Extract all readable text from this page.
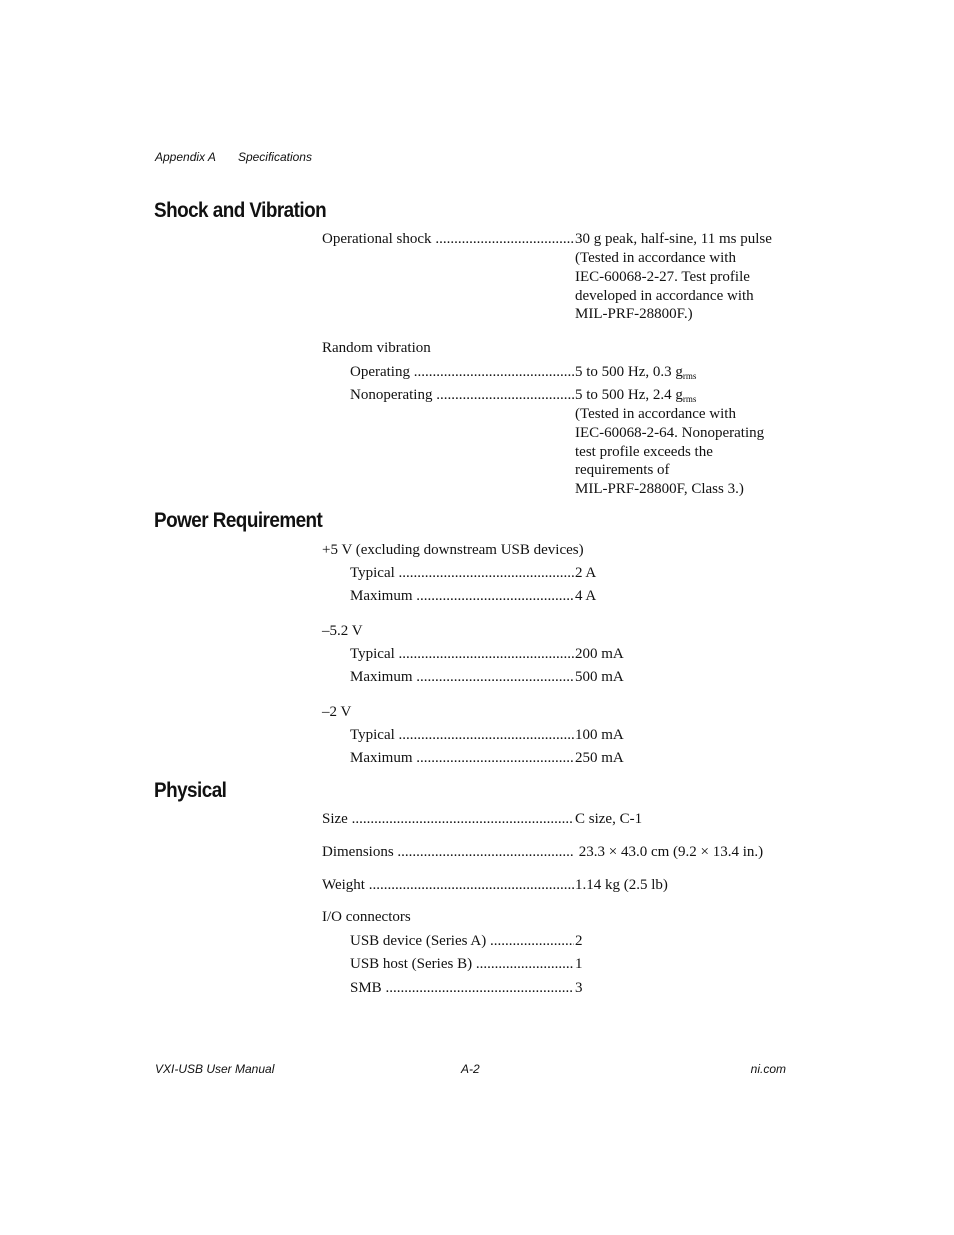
Appendix A Specifications
Shock and Vibration
Operational shock .....	30 g peak, half-sine, 11 ms pulse
(Tested in accordance with
IEC-60068-2-27. Test profile
developed in accordance with
MIL-PRF-28800F.)
Random vibration
Operating .....	5 to 500 Hz, 0.3 $g_{rms}$
Nonoperating .....	5 to 500 Hz, 2.4 $g_{rms}$
(Tested in accordance with
IEC-60068-2-64. Nonoperating
test profile exceeds the
requirements of
MIL-PRF-28800F, Class 3.)
Power Requirement
+5 V (excluding downstream USB devices)
Typical .....	2 A
Maximum .....	4 A
–5.2 V
Typical .....	200 mA
Maximum .....	500 mA
–2 V
Typical .....	100 mA
Maximum .....	250 mA
Physical
Size .....	C size, C-1
Dimensions .....	23.3 × 43.0 cm (9.2 × 13.4 in.)
Weight .....	1.14 kg (2.5 lb)
I/O connectors
USB device (Series A) .....	2
USB host (Series B) .....	1
SMB .....	3
VXI-USB User Manual	A-2	ni.com
